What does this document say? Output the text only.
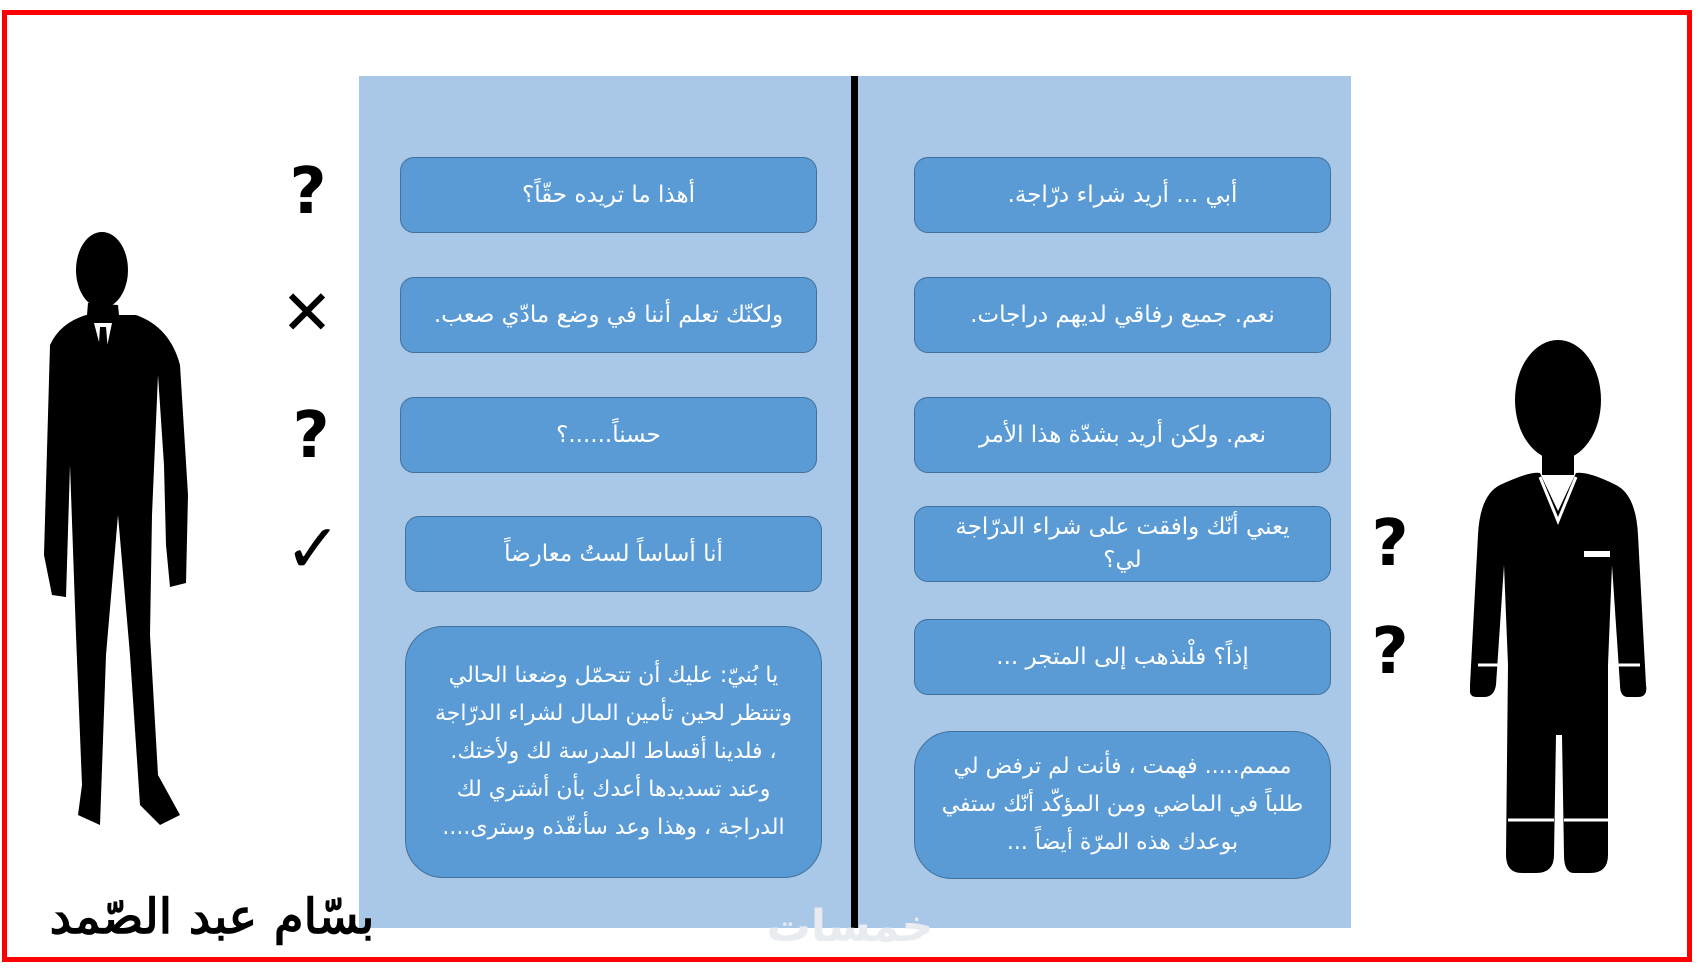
أهذا ما تريده حقّاً؟
ولكنّك تعلم أننا في وضع مادّي صعب.
حسناً......؟
أنا أساساً لستُ معارضاً
يا بُنيّ: عليك أن تتحمّل وضعنا الحالي وتنتظر لحين تأمين المال لشراء الدرّاجة ، فلدينا أقساط المدرسة لك ولأختك. وعند تسديدها أعدك بأن أشتري لك الدراجة ، وهذا وعد سأنفّذه وسترى....
أبي ... أريد شراء درّاجة.
نعم. جميع رفاقي لديهم دراجات.
نعم. ولكن أريد بشدّة هذا الأمر
يعني أنّك وافقت على شراء الدرّاجة لي؟
إذاً؟ فلْنذهب إلى المتجر ...
مممم..... فهمت ، فأنت لم ترفض لي طلباً في الماضي ومن المؤكّد أنّك ستفي بوعدك هذه المرّة أيضاً ...
?
✕
?
✓	?
?
خمسات
بسّام عبد الصّمد
